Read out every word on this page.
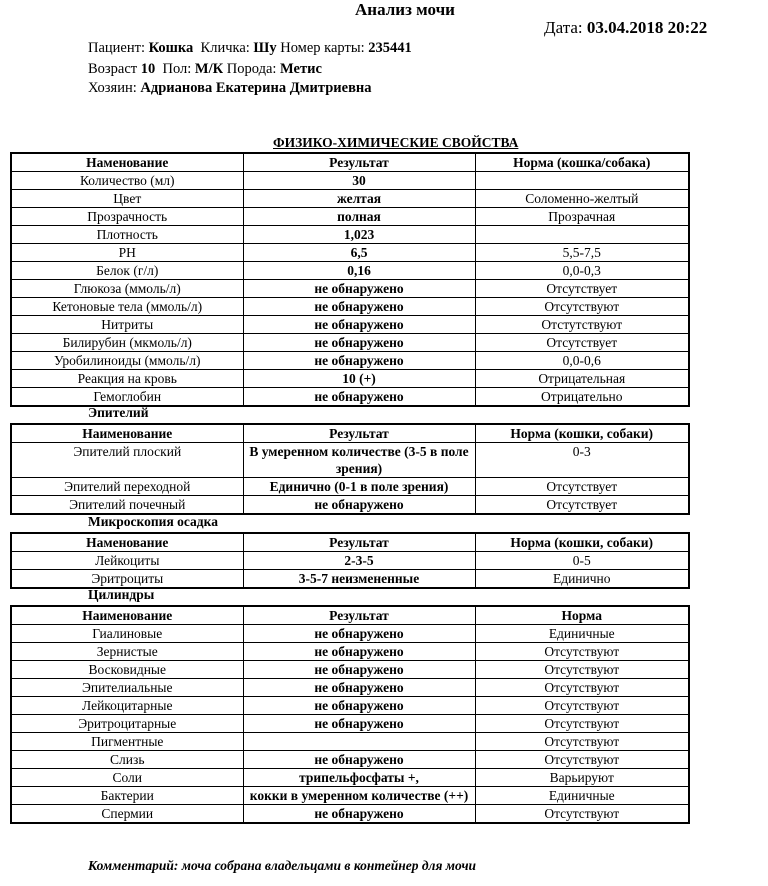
Анализ мочи
Дата: 03.04.2018 20:22
Пациент: Кошка Кличка: Шу Номер карты: 235441
Возраст 10 Пол: М/К Порода: Метис
Хозяин: Адрианова Екатерина Дмитриевна
ФИЗИКО-ХИМИЧЕСКИЕ СВОЙСТВА
Наменование	Результат	Норма (кошка/собака)
Количество (мл)	30	
Цвет	желтая	Соломенно-желтый
Прозрачность	полная	Прозрачная
Плотность	1,023	
PH	6,5	5,5-7,5
Белок (г/л)	0,16	0,0-0,3
Глюкоза (ммоль/л)	не обнаружено	Отсутствует
Кетоновые тела (ммоль/л)	не обнаружено	Отсутствуют
Нитриты	не обнаружено	Отстутствуют
Билирубин (мкмоль/л)	не обнаружено	Отсутствует
Уробилиноиды (ммоль/л)	не обнаружено	0,0-0,6
Реакция на кровь	10 (+)	Отрицательная
Гемоглобин	не обнаружено	Отрицательно
Эпителий
Наименование	Результат	Норма (кошки, собаки)
Эпителий плоский	В умеренном количестве (3-5 в поле зрения)	0-3
Эпителий переходной	Единично (0-1 в поле зрения)	Отсутствует
Эпителий почечный	не обнаружено	Отсутствует
Микроскопия осадка
Наменование	Результат	Норма (кошки, собаки)
Лейкоциты	2-3-5	0-5
Эритроциты	3-5-7 неизмененные	Единично
Цилиндры
Наименование	Результат	Норма
Гиалиновые	не обнаружено	Единичные
Зернистые	не обнаружено	Отсутствуют
Восковидные	не обнаружено	Отсутствуют
Эпителиальные	не обнаружено	Отсутствуют
Лейкоцитарные	не обнаружено	Отсутствуют
Эритроцитарные	не обнаружено	Отсутствуют
Пигментные		Отсутствуют
Слизь	не обнаружено	Отсутствуют
Соли	трипельфосфаты +,	Варьируют
Бактерии	кокки в умеренном количестве (++)	Единичные
Спермии	не обнаружено	Отсутствуют
Комментарий: моча собрана владельцами в контейнер для мочи
